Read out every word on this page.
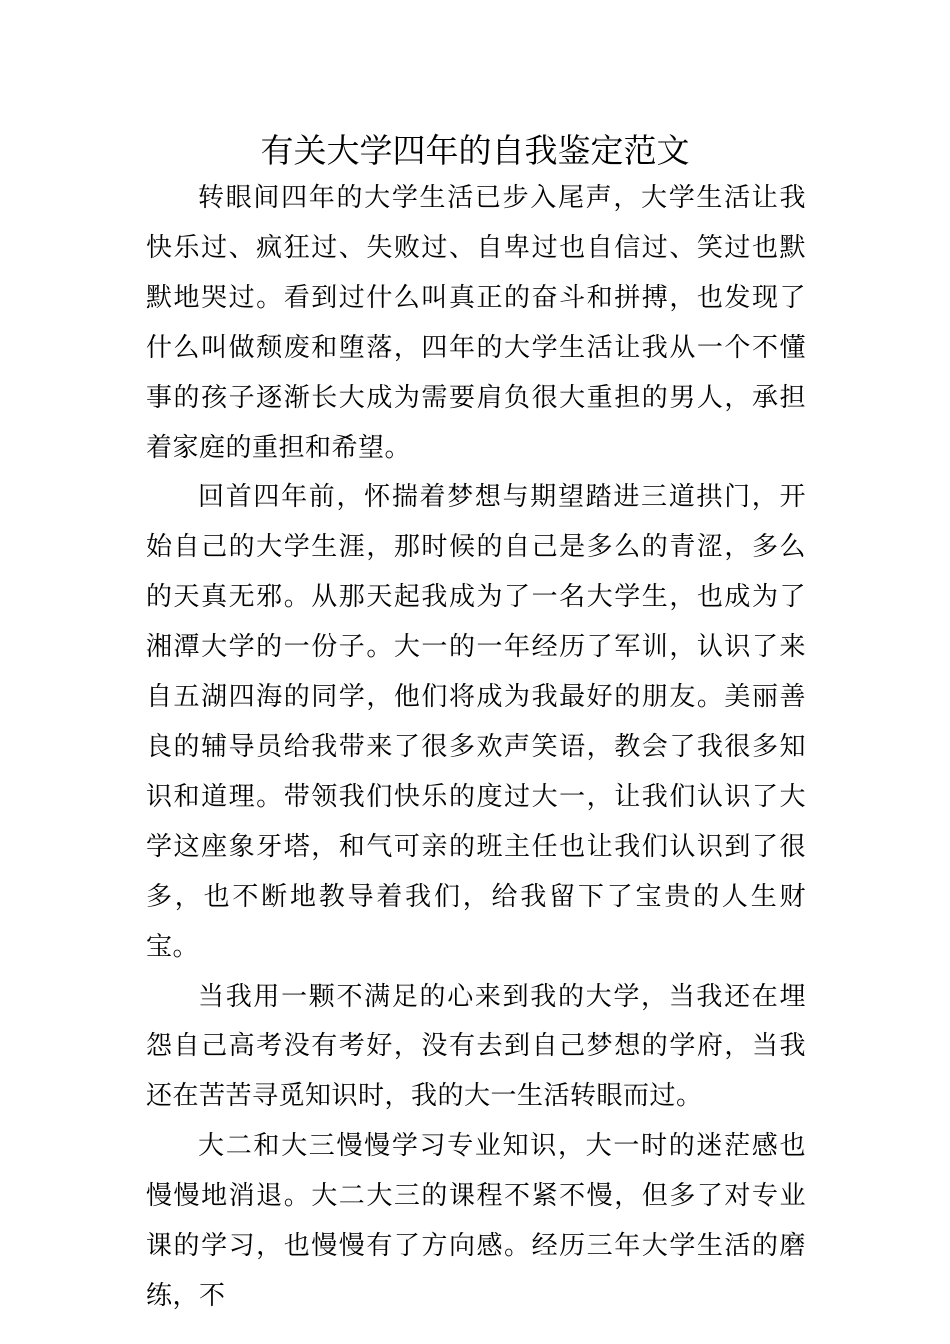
有关大学四年的自我鉴定范文

转眼间四年的大学生活已步入尾声，大学生活让我快乐过、疯狂过、失败过、自卑过也自信过、笑过也默默地哭过。看到过什么叫真正的奋斗和拼搏，也发现了什么叫做颓废和堕落，四年的大学生活让我从一个不懂事的孩子逐渐长大成为需要肩负很大重担的男人，承担着家庭的重担和希望。

回首四年前，怀揣着梦想与期望踏进三道拱门，开始自己的大学生涯，那时候的自己是多么的青涩，多么的天真无邪。从那天起我成为了一名大学生，也成为了湘潭大学的一份子。大一的一年经历了军训，认识了来自五湖四海的同学，他们将成为我最好的朋友。美丽善良的辅导员给我带来了很多欢声笑语，教会了我很多知识和道理。带领我们快乐的度过大一，让我们认识了大学这座象牙塔，和气可亲的班主任也让我们认识到了很多，也不断地教导着我们，给我留下了宝贵的人生财宝。

当我用一颗不满足的心来到我的大学，当我还在埋怨自己高考没有考好，没有去到自己梦想的学府，当我还在苦苦寻觅知识时，我的大一生活转眼而过。

大二和大三慢慢学习专业知识，大一时的迷茫感也慢慢地消退。大二大三的课程不紧不慢，但多了对专业课的学习，也慢慢有了方向感。经历三年大学生活的磨练，不
